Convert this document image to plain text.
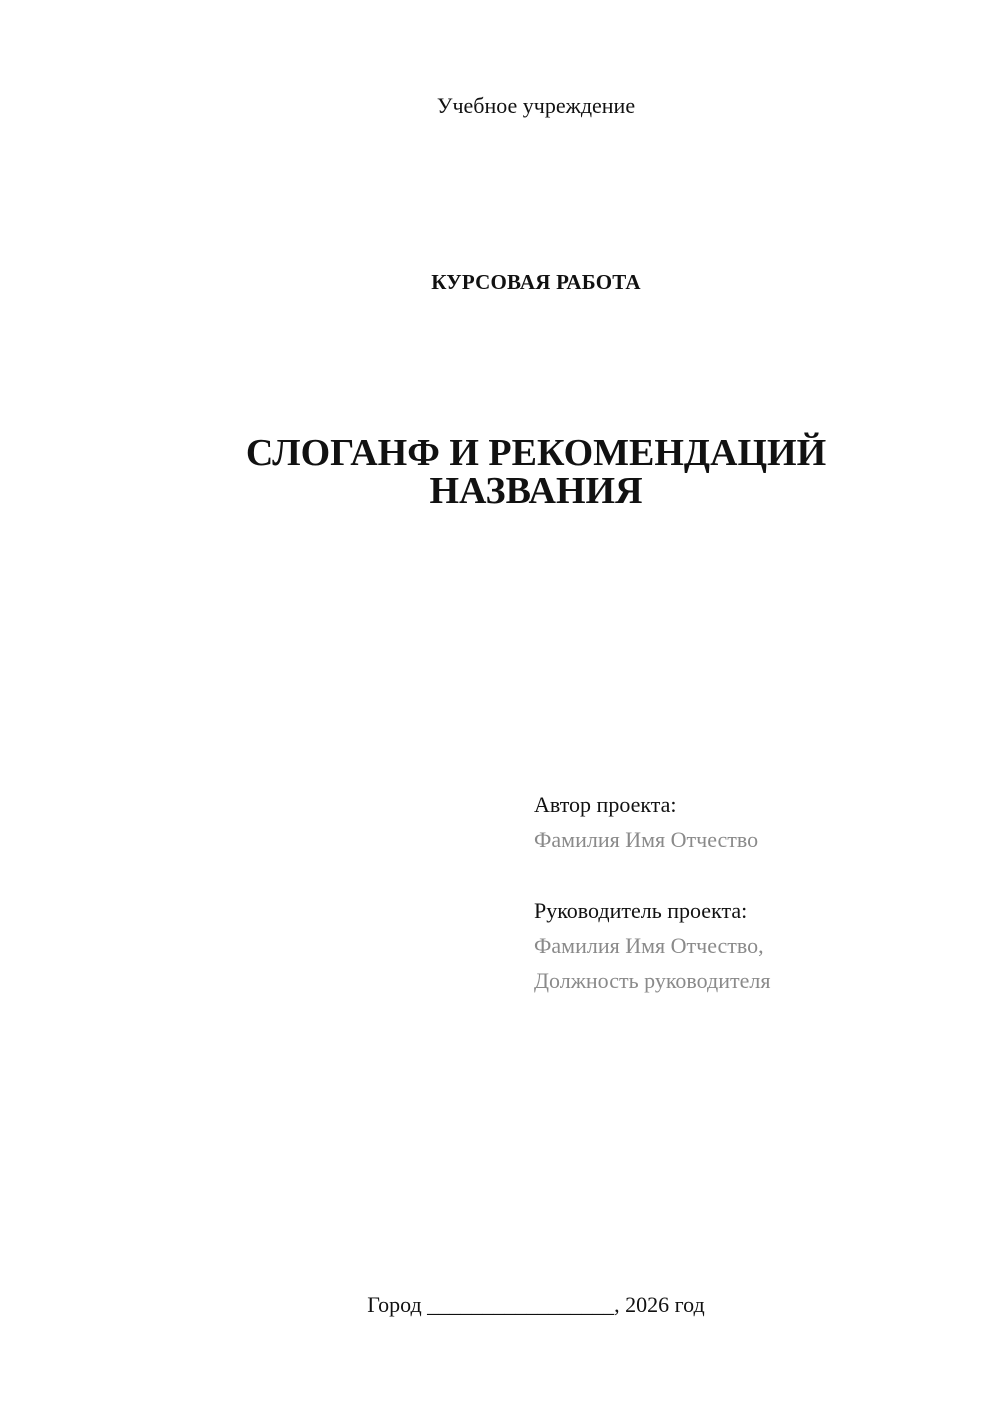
Учебное учреждение
КУРСОВАЯ РАБОТА
СЛОГАНФ И РЕКОМЕНДАЦИЙ
НАЗВАНИЯ
Автор проекта:
Фамилия Имя Отчество
Руководитель проекта:
Фамилия Имя Отчество,
Должность руководителя
Город _________________, 2026 год
